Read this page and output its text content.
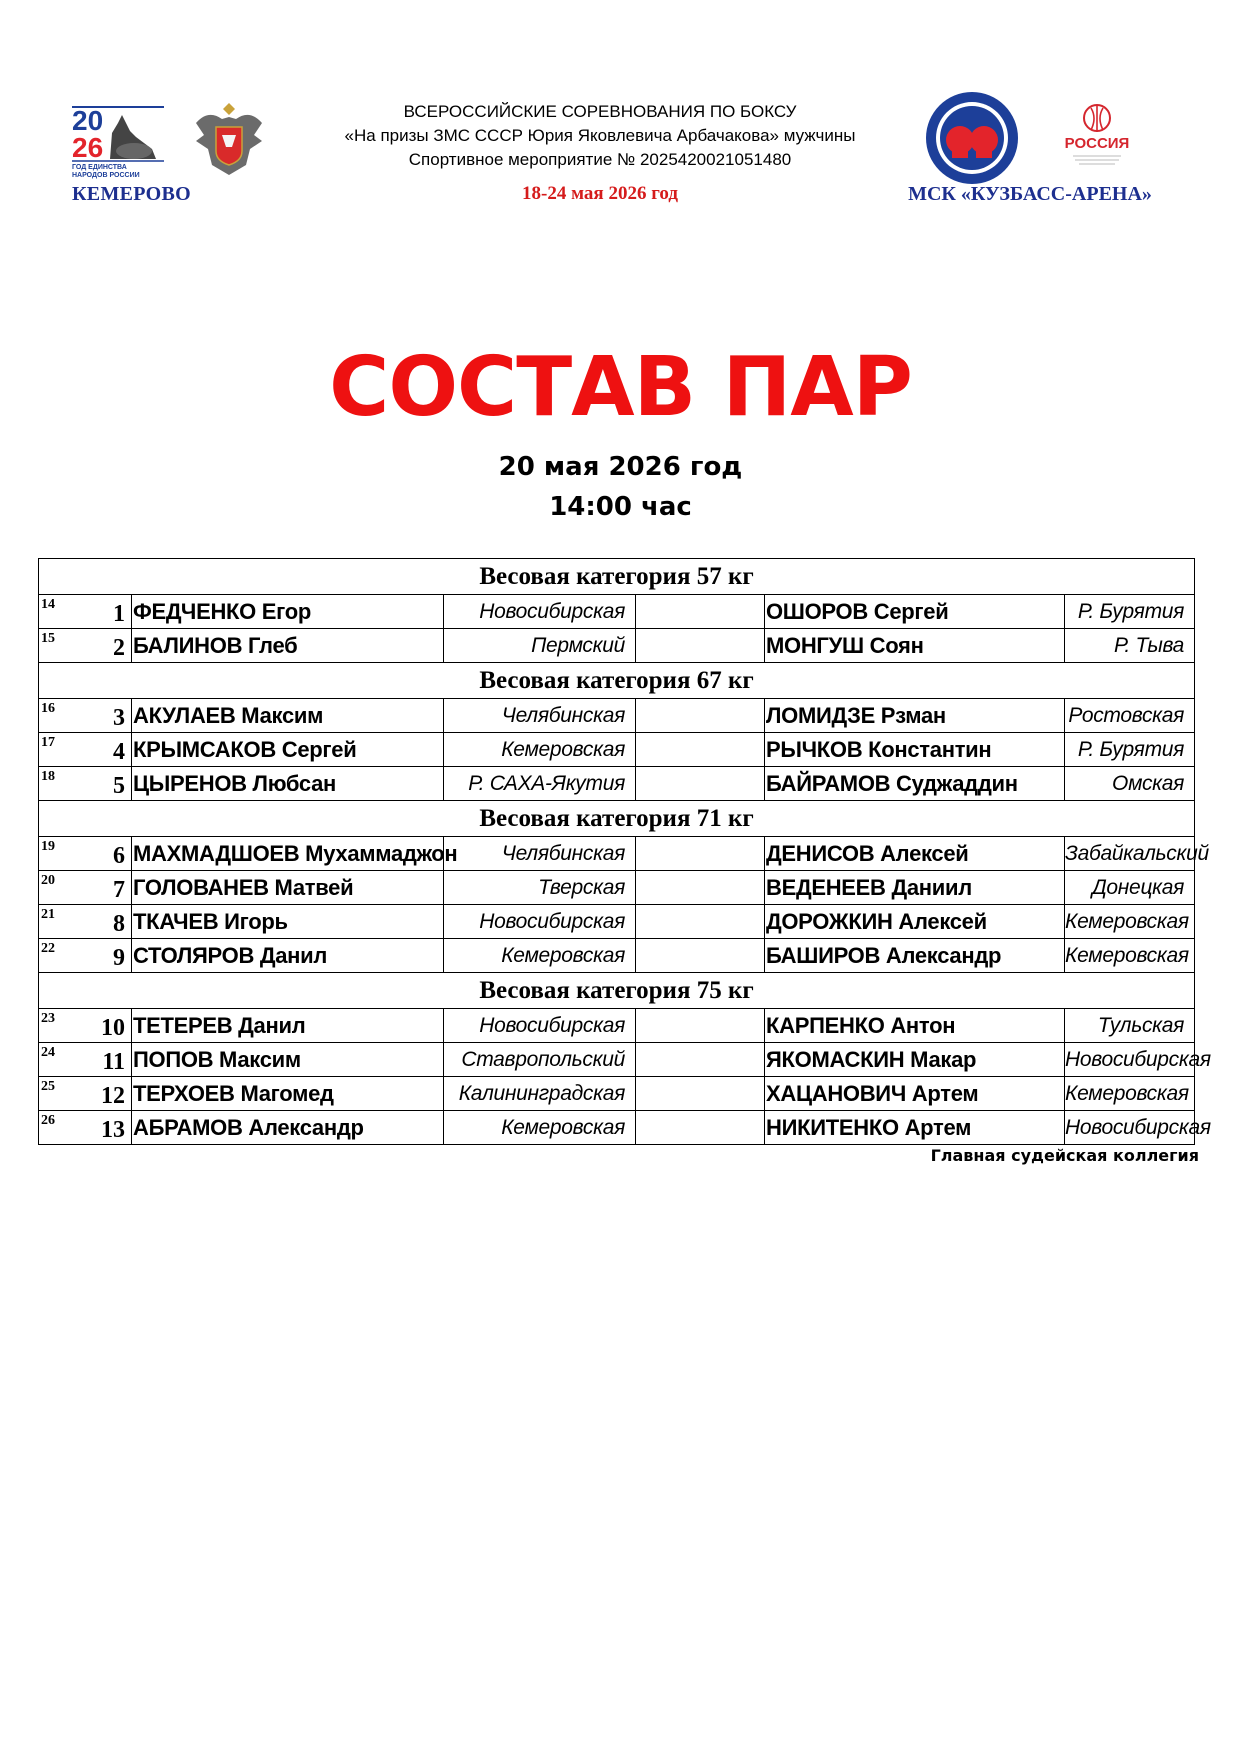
20
26
ГОД ЕДИНСТВА
НАРОДОВ РОССИИ
ВСЕРОССИЙСКИЕ СОРЕВНОВАНИЯ ПО БОКСУ
«На призы ЗМС СССР Юрия Яковлевича Арбачакова» мужчины
Спортивное мероприятие № 2025420021051480
РОССИЯ
КЕМЕРОВО	18-24 мая 2026 год	МСК «КУЗБАСС-АРЕНА»
СОСТАВ ПАР
20 мая 2026 год
14:00 час
Весовая категория 57 кг					

14 1	ФЕДЧЕНКО Егор	Новосибирская		ОШОРОВ Сергей	Р. Бурятия

15 2	БАЛИНОВ Глеб	Пермский		МОНГУШ Соян	Р. Тыва
Весовая категория 67 кг					

16 3	АКУЛАЕВ Максим	Челябинская		ЛОМИДЗЕ Рзман	Ростовская

17 4	КРЫМСАКОВ Сергей	Кемеровская		РЫЧКОВ Константин	Р. Бурятия

18 5	ЦЫРЕНОВ Любсан	Р. САХА-Якутия		БАЙРАМОВ Суджаддин	Омская
Весовая категория 71 кг					

19 6	МАХМАДШОЕВ Мухаммаджон	Челябинская		ДЕНИСОВ Алексей	Забайкальский

20 7	ГОЛОВАНЕВ Матвей	Тверская		ВЕДЕНЕЕВ Даниил	Донецкая

21 8	ТКАЧЕВ Игорь	Новосибирская		ДОРОЖКИН Алексей	Кемеровская

22 9	СТОЛЯРОВ Данил	Кемеровская		БАШИРОВ Александр	Кемеровская
Весовая категория 75 кг					

23 10	ТЕТЕРЕВ Данил	Новосибирская		КАРПЕНКО Антон	Тульская

24 11	ПОПОВ Максим	Ставропольский		ЯКОМАСКИН Макар	Новосибирская

25 12	ТЕРХОЕВ Магомед	Калининградская		ХАЦАНОВИЧ Артем	Кемеровская

26 13	АБРАМОВ Александр	Кемеровская		НИКИТЕНКО Артем	Новосибирская
Главная судейская коллегия
